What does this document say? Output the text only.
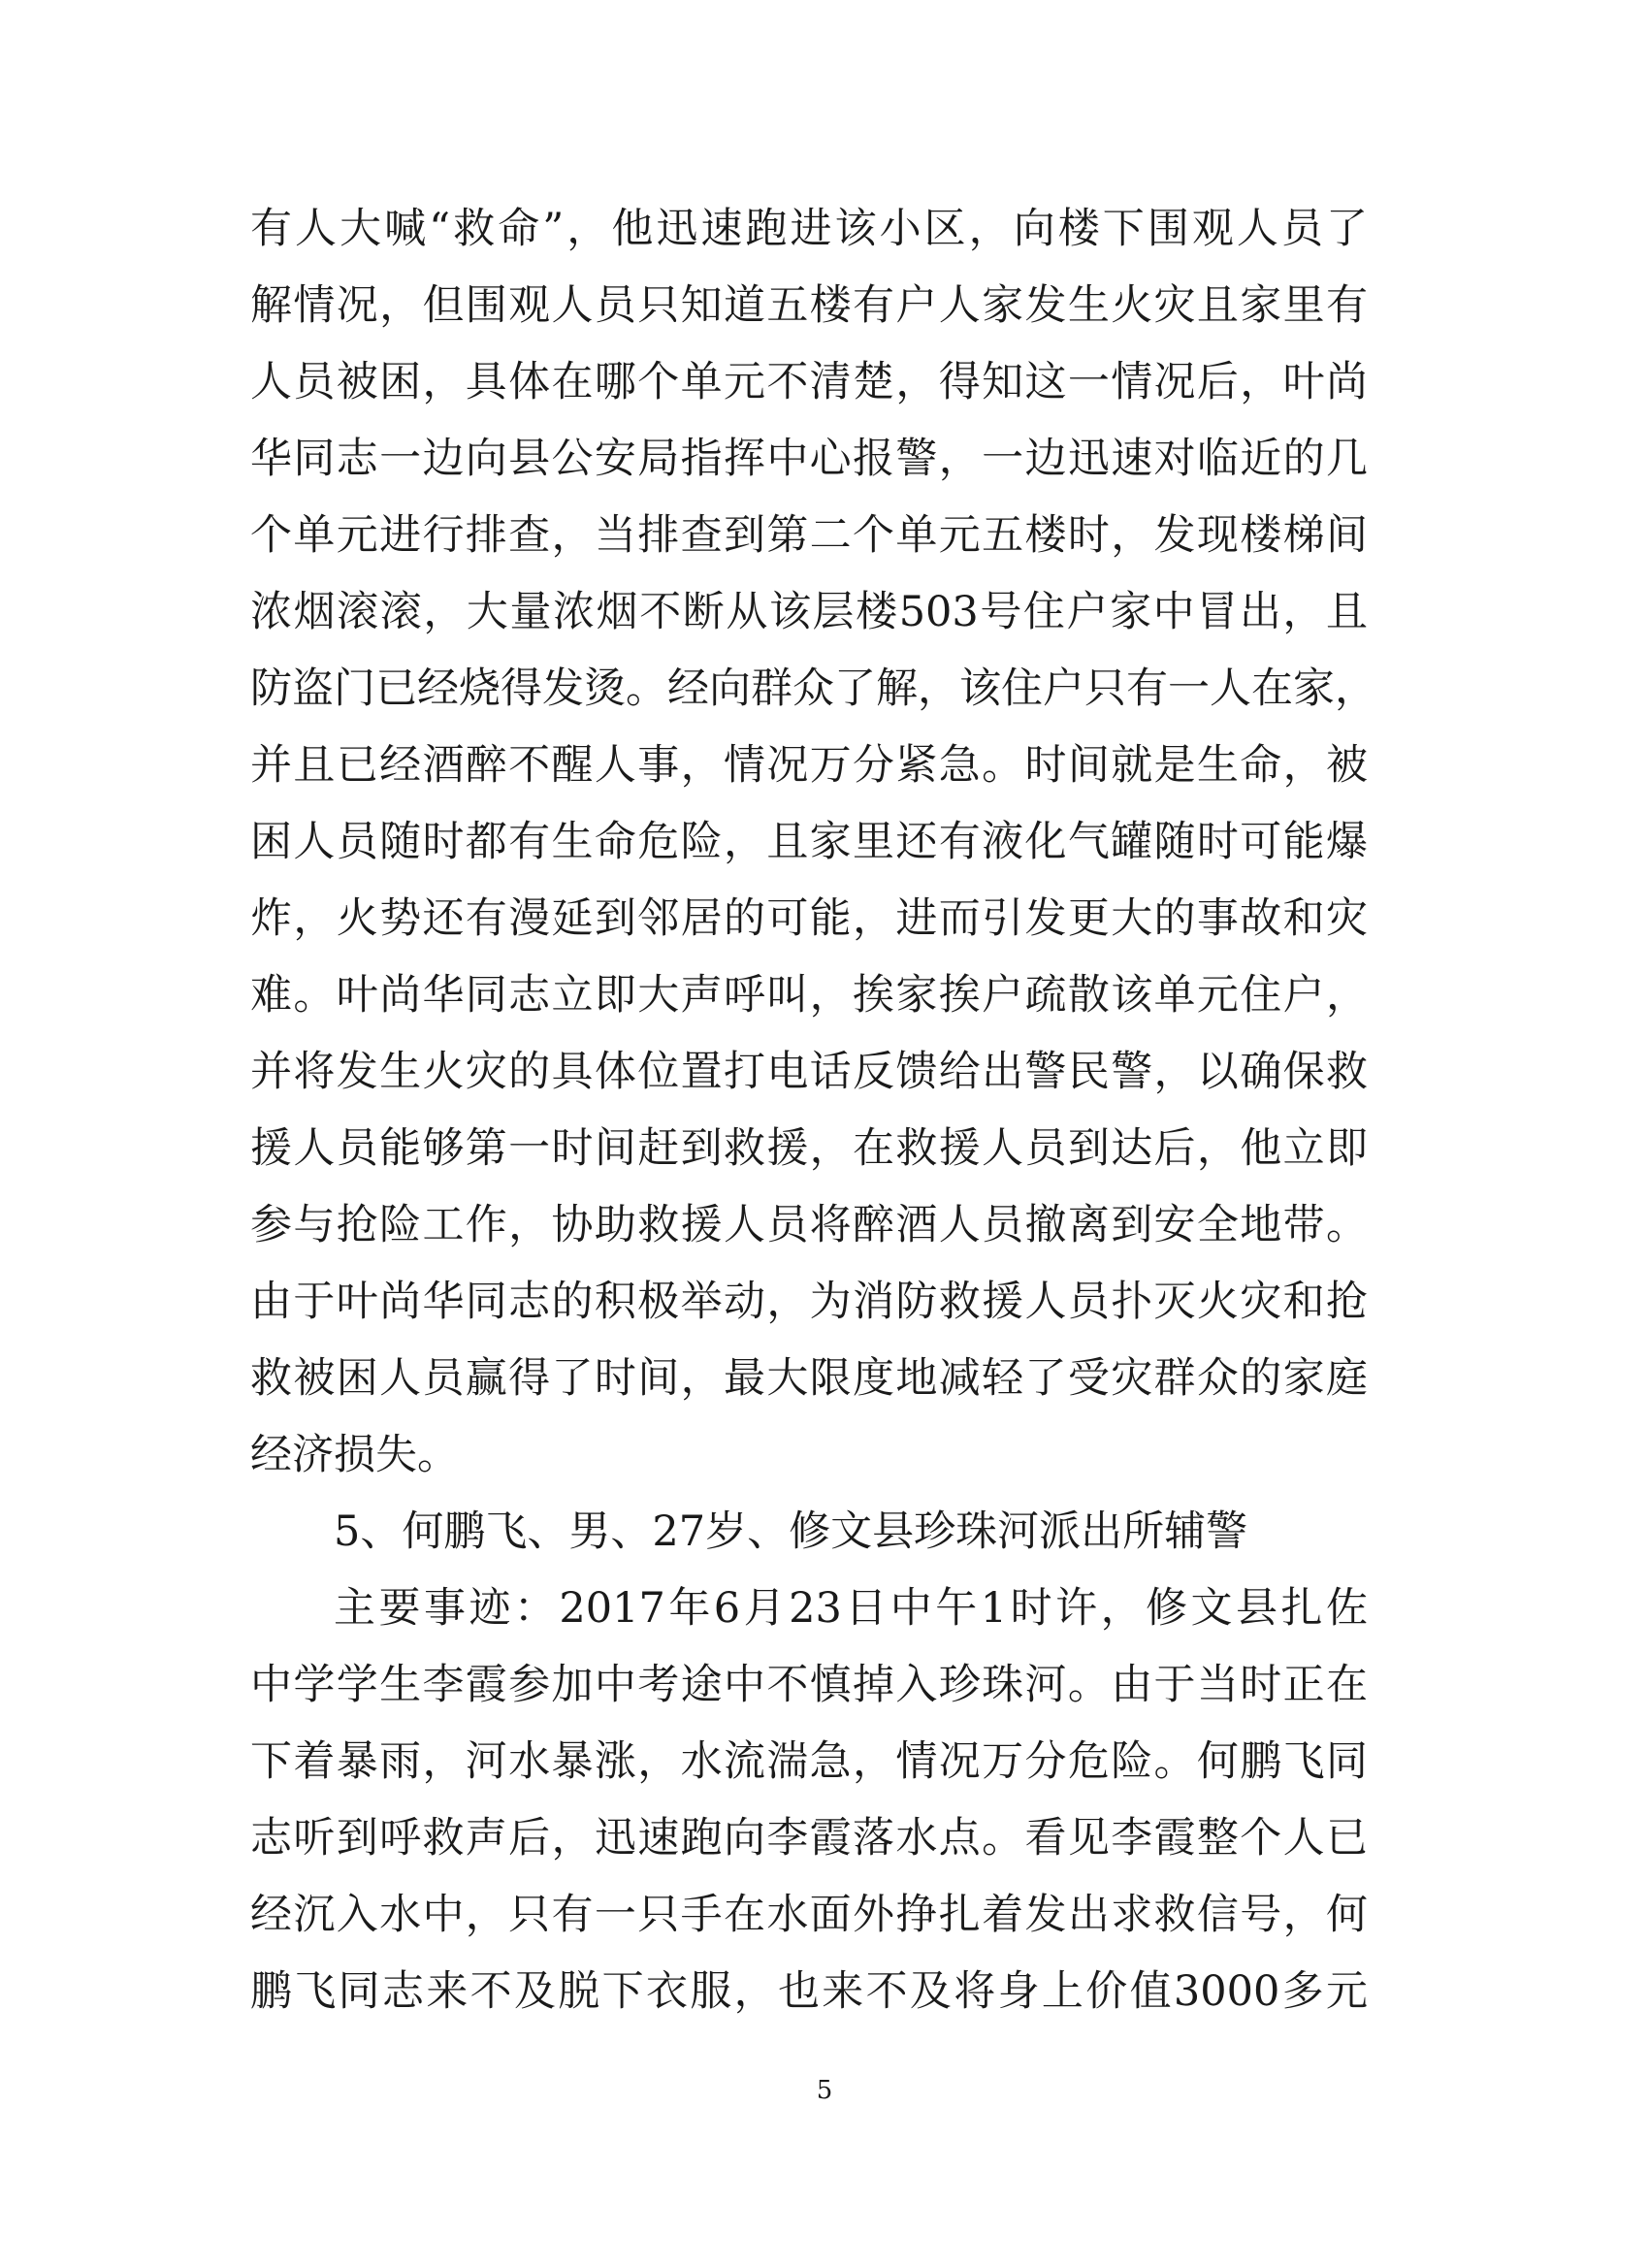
有人大喊“救命”，他迅速跑进该小区，向楼下围观人员了
解情况，但围观人员只知道五楼有户人家发生火灾且家里有
人员被困，具体在哪个单元不清楚，得知这一情况后，叶尚
华同志一边向县公安局指挥中心报警，一边迅速对临近的几
个单元进行排查，当排查到第二个单元五楼时，发现楼梯间
浓烟滚滚，大量浓烟不断从该层楼503号住户家中冒出，且
防盗门已经烧得发烫。经向群众了解，该住户只有一人在家，
并且已经酒醉不醒人事，情况万分紧急。时间就是生命，被
困人员随时都有生命危险，且家里还有液化气罐随时可能爆
炸，火势还有漫延到邻居的可能，进而引发更大的事故和灾
难。叶尚华同志立即大声呼叫，挨家挨户疏散该单元住户，
并将发生火灾的具体位置打电话反馈给出警民警，以确保救
援人员能够第一时间赶到救援，在救援人员到达后，他立即
参与抢险工作，协助救援人员将醉酒人员撤离到安全地带。
由于叶尚华同志的积极举动，为消防救援人员扑灭火灾和抢
救被困人员赢得了时间，最大限度地减轻了受灾群众的家庭
经济损失。
5、何鹏飞、男、27岁、修文县珍珠河派出所辅警
主要事迹：2017年6月23日中午1时许，修文县扎佐
中学学生李霞参加中考途中不慎掉入珍珠河。由于当时正在
下着暴雨，河水暴涨，水流湍急，情况万分危险。何鹏飞同
志听到呼救声后，迅速跑向李霞落水点。看见李霞整个人已
经沉入水中，只有一只手在水面外挣扎着发出求救信号，何
鹏飞同志来不及脱下衣服，也来不及将身上价值3000多元
5
